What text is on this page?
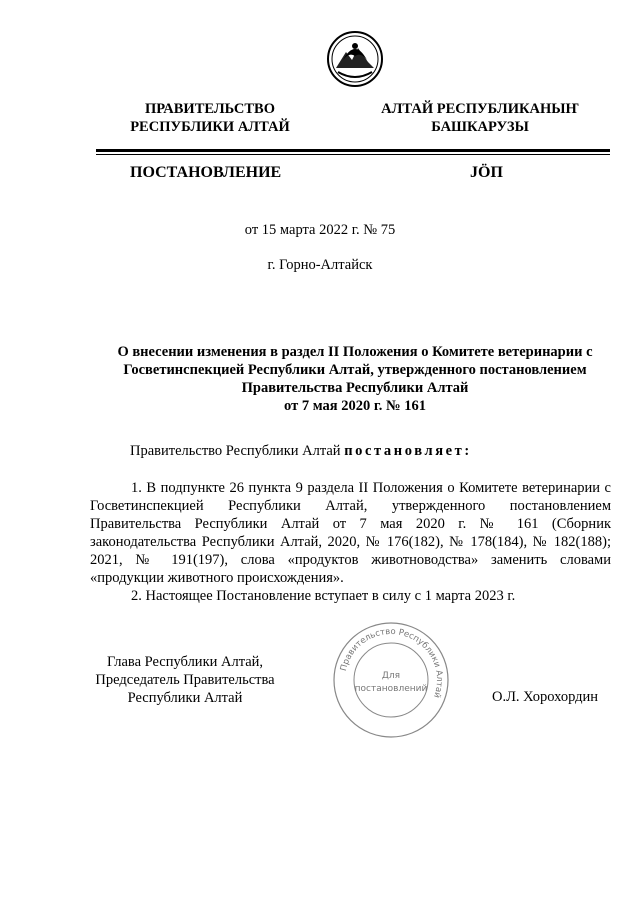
ПРАВИТЕЛЬСТВО
РЕСПУБЛИКИ АЛТАЙ
АЛТАЙ РЕСПУБЛИКАНЫҤ
БАШКАРУЗЫ
ПОСТАНОВЛЕНИЕ	JÖП
от 15 марта 2022 г. № 75
г. Горно-Алтайск
О внесении изменения в раздел II Положения о Комитете ветеринарии с
Госветинспекцией Республики Алтай, утвержденного постановлением
Правительства Республики Алтай
от 7 мая 2020 г. № 161
Правительство Республики Алтай постановляет:
1. В подпункте 26 пункта 9 раздела II Положения о Комитете ветеринарии с Госветинспекцией Республики Алтай, утвержденного постановлением Правительства Республики Алтай от 7 мая 2020 г. № 161 (Сборник законодательства Республики Алтай, 2020, № 176(182), № 178(184), № 182(188); 2021, № 191(197), слова «продуктов животноводства» заменить словами «продукции животного происхождения».
2. Настоящее Постановление вступает в силу с 1 марта 2023 г.
Глава Республики Алтай,
Председатель Правительства
Республики Алтай	О.Л. Хорохордин
Правительство Республики Алтай
Для
постановлений
